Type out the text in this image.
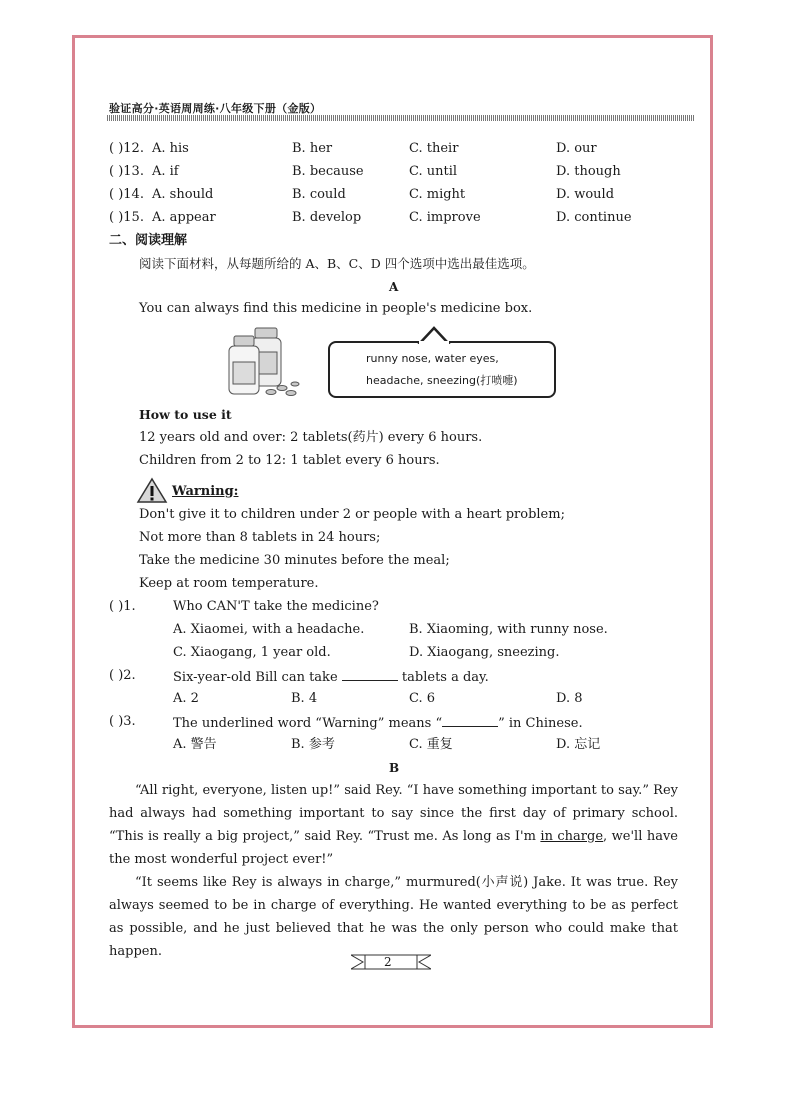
验证高分·英语周周练·八年级下册（金版）
( )12. A. his	B. her	C. their	D. our
( )13. A. if	B. because	C. until	D. though
( )14. A. should	B. could	C. might	D. would
( )15. A. appear	B. develop	C. improve	D. continue
二、阅读理解
阅读下面材料，从每题所给的 A、B、C、D 四个选项中选出最佳选项。
A
You can always find this medicine in people's medicine box.
runny nose, water eyes,
headache, sneezing(打喷嚏)
How to use it
12 years old and over: 2 tablets(药片) every 6 hours.
Children from 2 to 12: 1 tablet every 6 hours.
Warning:
Don't give it to children under 2 or people with a heart problem;
Not more than 8 tablets in 24 hours;
Take the medicine 30 minutes before the meal;
Keep at room temperature.
( )1.	Who CAN'T take the medicine?
A. Xiaomei, with a headache.	B. Xiaoming, with runny nose.
C. Xiaogang, 1 year old.	D. Xiaogang, sneezing.
( )2.	Six-year-old Bill can take	tablets a day.
A. 2	B. 4	C. 6	D. 8
( )3.	The underlined word “Warning” means “	” in Chinese.
A. 警告	B. 参考	C. 重复	D. 忘记
B
“All right, everyone, listen up!” said Rey. “I have something important to say.” Rey had always had something important to say since the first day of primary school. “This is really a big project,” said Rey. “Trust me. As long as I'm in charge, we'll have the most wonderful project ever!”
“It seems like Rey is always in charge,” murmured(小声说) Jake. It was true. Rey always seemed to be in charge of everything. He wanted everything to be as perfect as possible, and he just believed that he was the only person who could make that happen.
2
